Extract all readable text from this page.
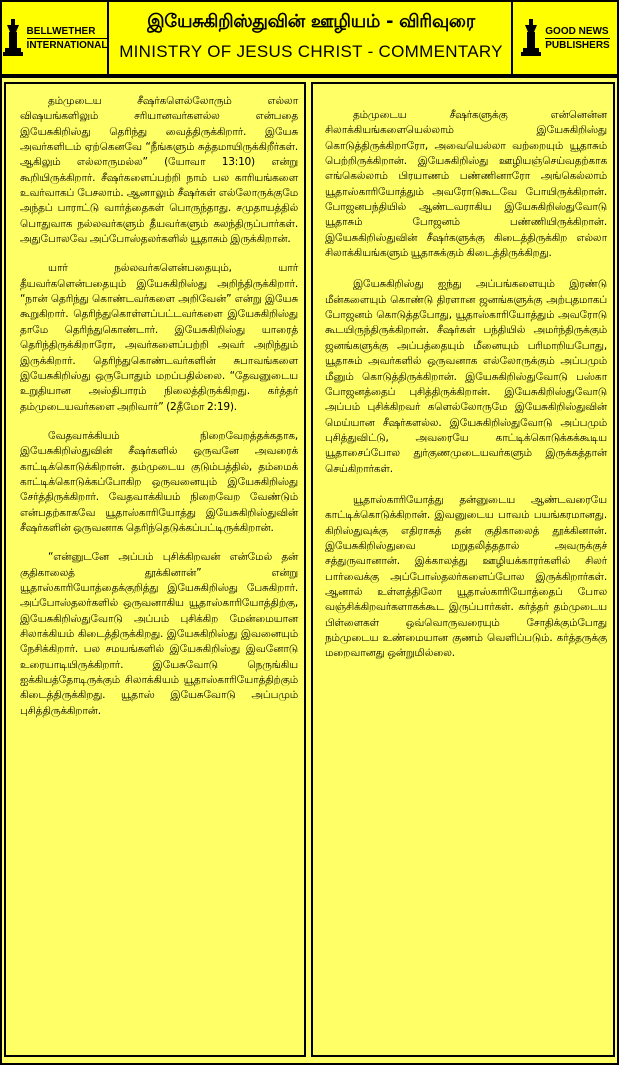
BELLWETHER
INTERNATIONAL
இயேசுகிறிஸ்துவின் ஊழியம் - விரிவுரை
MINISTRY OF JESUS CHRIST - COMMENTARY
GOOD NEWS
PUBLISHERS

தம்முடைய சீஷர்களெல்லோரும் எல்லா விஷயங்களிலும் சரியானவர்களல்ல என்பதை இயேசுகிறிஸ்து தெரிந்து வைத்திருக்கிறார். இயேசு அவர்களிடம் ஏற்கெனவே “நீங்களும் சுத்தமாயிருக்கிறீர்கள். ஆகிலும் எல்லாருமல்ல” (யோவா 13:10) என்று கூறியிருக்கிறார். சீஷர்களைப்பற்றி நாம் பல காரியங்களை உவர்வாகப் பேசலாம். ஆனாலும் சீஷர்கள் எல்லோருக்குமே அந்தப் பாராட்டு வார்த்தைகள் பொருந்தாது. சமுதாயத்தில் பொதுவாக நல்லவர்களும் தீயவர்களும் கலந்திருப்பார்கள். அதுபோலவே அப்போஸ்தலர்களில் யூதாசும் இருக்கிறான்.

யார் நல்லவர்களென்பதையும், யார் தீயவர்களென்பதையும் இயேசுகிறிஸ்து அறிந்திருக்கிறார். “நான் தெரிந்து கொண்டவர்களை அறிவேன்” என்று இயேசு கூறுகிறார். தெரிந்துகொள்ளப்பட்டவர்களை இயேசுகிறிஸ்து தாமே தெரிந்துகொண்டார். இயேசுகிறிஸ்து யாரைத் தெரிந்திருக்கிறாரோ, அவர்களைப்பற்றி அவர் அறிந்தும் இருக்கிறார். தெரிந்துகொண்டவர்களின் சுபாவங்களை இயேசுகிறிஸ்து ஒருபோதும் மறப்பதில்லை. “தேவனுடைய உறுதியான அஸ்திபாரம் நிலைத்திருக்கிறது. கர்த்தர் தம்முடையவர்களை அறிவார்” (2தீமோ 2:19).

வேதவாக்கியம் நிறைவேறத்தக்கதாக, இயேசுகிறிஸ்துவின் சீஷர்களில் ஒருவனே அவரைக் காட்டிக்கொடுக்கிறான். தம்முடைய குடும்பத்தில், தம்மைக் காட்டிக்கொடுக்கப்போகிற ஒருவனையும் இயேசுகிறிஸ்து சேர்த்திருக்கிறார். வேதவாக்கியம் நிறைவேற வேண்டும் என்பதற்காகவே யூதாஸ்காரியோத்து இயேசுகிறிஸ்துவின் சீஷர்களின் ஒருவனாக தெரிந்தெடுக்கப்பட்டிருக்கிறான்.

“என்னுடனே அப்பம் புசிக்கிறவன் என்மேல் தன் குதிகாலைத் தூக்கினான்” என்று யூதாஸ்காரியோத்தைக்குறித்து இயேசுகிறிஸ்து பேசுகிறார். அப்போஸ்தலர்களில் ஒருவனாகிய யூதாஸ்காரியோத்திற்கு, இயேசுகிறிஸ்துவோடு அப்பம் புசிக்கிற மேன்மையான சிலாக்கியம் கிடைத்திருக்கிறது. இயேசுகிறிஸ்து இவனையும் நேசிக்கிறார். பல சமயங்களில் இயேசுகிறிஸ்து இவனோடு உரையாடியிருக்கிறார். இயேசுவோடு நெருங்கிய ஐக்கியத்தோடிருக்கும் சிலாக்கியம் யூதாஸ்காரியோத்திற்கும் கிடைத்திருக்கிறது. யூதாஸ் இயேசுவோடு அப்பமும் புசித்திருக்கிறான்.

தம்முடைய சீஷர்களுக்கு என்னென்ன சிலாக்கியங்களையெல்லாம் இயேசுகிறிஸ்து கொடுத்திருக்கிறாரோ, அவையெல்லா வற்றையும் யூதாசும் பெற்றிருக்கிறான். இயேசுகிறிஸ்து ஊழியஞ்செய்வதற்காக எங்கெல்லாம் பிரயாணம் பண்ணினாரோ அங்கெல்லாம் யூதாஸ்காரியோத்தும் அவரோடுகூடவே போயிருக்கிறான். போஜனபந்தியில் ஆண்டவராகிய இயேசுகிறிஸ்துவோடு யூதாசும் போஜனம் பண்ணியிருக்கிறான். இயேசுகிறிஸ்துவின் சீஷர்களுக்கு கிடைத்திருக்கிற எல்லா சிலாக்கியங்களும் யூதாசுக்கும் கிடைத்திருக்கிறது.

இயேசுகிறிஸ்து ஐந்து அப்பங்களையும் இரண்டு மீன்களையும் கொண்டு திரளான ஜனங்களுக்கு அற்புதமாகப் போஜனம் கொடுத்தபோது, யூதாஸ்காரியோத்தும் அவரோடு கூடயிருந்திருக்கிறான். சீஷர்கள் பந்தியில் அமர்ந்திருக்கும் ஜனங்களுக்கு அப்பத்தையும் மீனையும் பரிமாறியபோது, யூதாசும் அவர்களில் ஒருவனாக எல்லோருக்கும் அப்பமும் மீனும் கொடுத்திருக்கிறான். இயேசுகிறிஸ்துவோடு பஸ்கா போஜனத்தைப் புசித்திருக்கிறான். இயேசுகிறிஸ்துவோடு அப்பம் புசிக்கிறவர் களெல்லோருமே இயேசுகிறிஸ்துவின் மெய்யான சீஷர்களல்ல. இயேசுகிறிஸ்துவோடு அப்பமும் புசித்துவிட்டு, அவரையே காட்டிக்கொடுக்கக்கூடிய யூதாசைப்போல துர்குணமுடையவர்களும் இருக்கத்தான் செய்கிறார்கள்.

யூதாஸ்காரியோத்து தன்னுடைய ஆண்டவரையே காட்டிக்கொடுக்கிறான். இவனுடைய பாவம் பயங்கரமானது. கிறிஸ்துவுக்கு எதிராகத் தன் குதிகாலைத் தூக்கினான். இயேசுகிறிஸ்துவை மறுதலித்ததால் அவருக்குச் சத்துருவானான். இக்காலத்து ஊழியக்காரர்களில் சிலர் பார்வைக்கு அப்போஸ்தலர்களைப்போல இருக்கிறார்கள். ஆனால் உள்ளத்திலோ யூதாஸ்காரியோத்தைப் போல வஞ்சிக்கிறவர்களாகக்கூட இருப்பார்கள். கர்த்தர் தம்முடைய பிள்ளைகள் ஒவ்வொருவரையும் சோதிக்கும்போது நம்முடைய உண்மையான குணம் வெளிப்படும். கர்த்தருக்கு மறைவானது ஒன்றுமில்லை.
